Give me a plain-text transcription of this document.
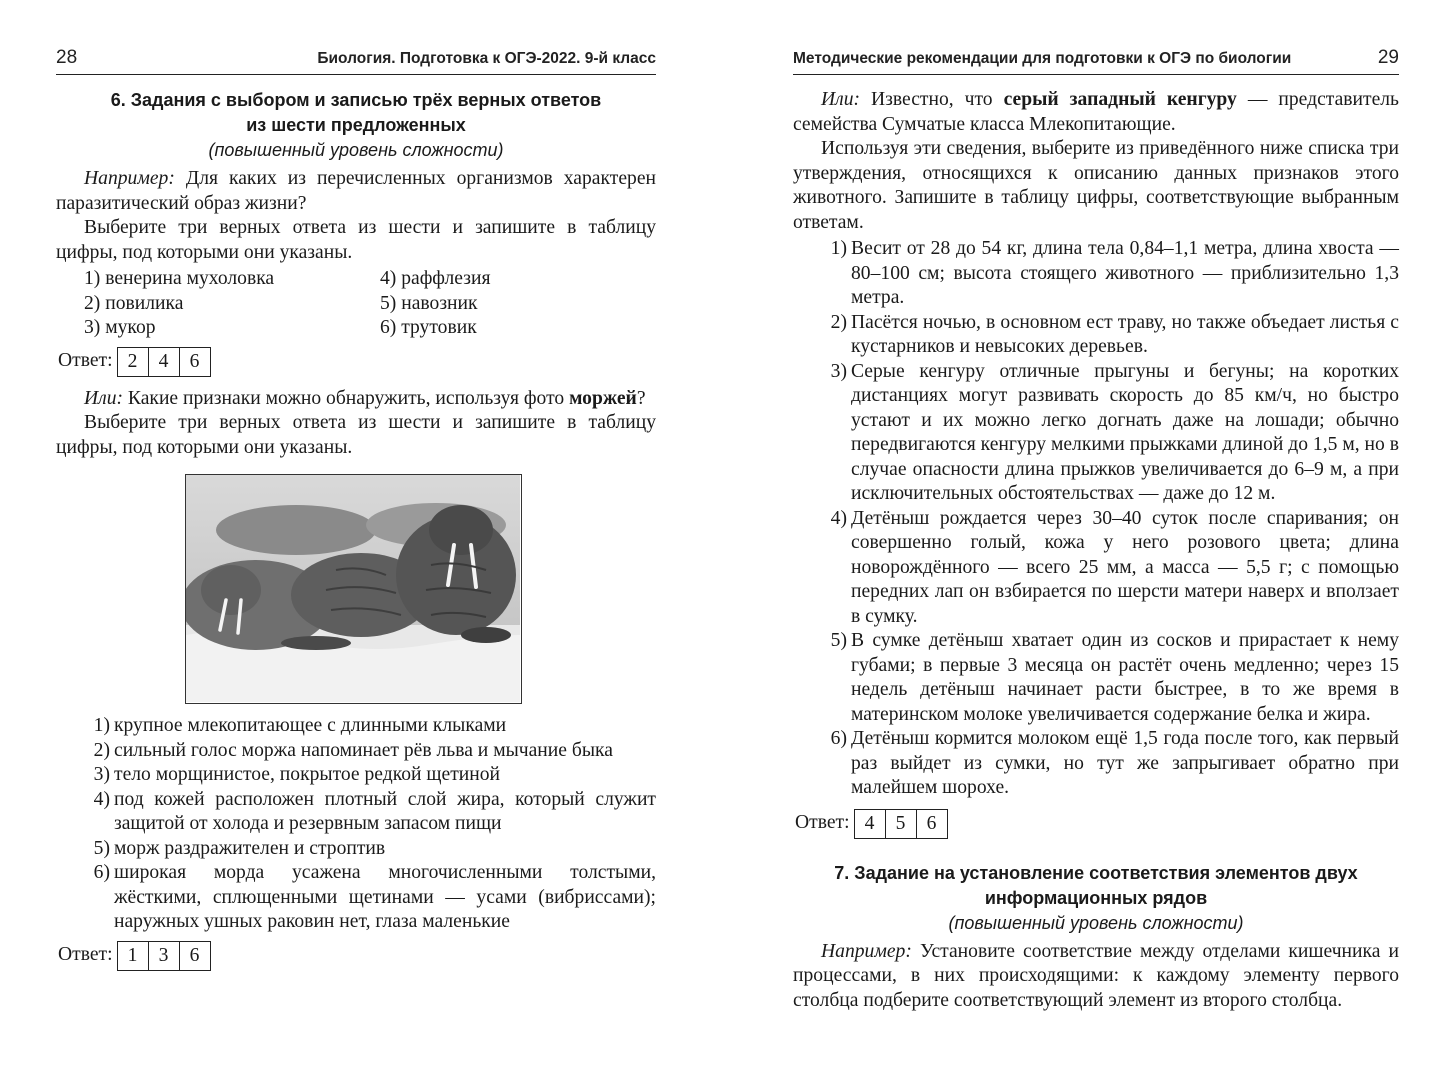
28	Биология. Подготовка к ОГЭ-2022. 9-й класс
6. Задания с выбором и записью трёх верных ответов
из шести предложенных
(повышенный уровень сложности)

Например: Для каких из перечисленных организмов характерен паразитический образ жизни?

Выберите три верных ответа из шести и запишите в таблицу цифры, под которыми они указаны.

1) венерина мухоловка	4) раффлезия
2) повилика	5) навозник
3) мукор	6) трутовик
Ответ: 2	4	6

Или: Какие признаки можно обнаружить, используя фото моржей?

Выберите три верных ответа из шести и запишите в таблицу цифры, под которыми они указаны.

1) крупное млекопитающее с длинными клыками
2) сильный голос моржа напоминает рёв льва и мычание быка
3) тело морщинистое, покрытое редкой щетиной
4) под кожей расположен плотный слой жира, который служит защитой от холода и резервным запасом пищи
5) морж раздражителен и строптив
6) широкая морда усажена многочисленными толстыми, жёсткими, сплющенными щетинами — усами (вибриссами); наружных ушных раковин нет, глаза маленькие
Ответ: 1	3	6
Методические рекомендации для подготовки к ОГЭ по биологии	29

Или: Известно, что серый западный кенгуру — представитель семейства Сумчатые класса Млекопитающие.

Используя эти сведения, выберите из приведённого ниже списка три утверждения, относящихся к описанию данных признаков этого животного. Запишите в таблицу цифры, соответствующие выбранным ответам.

1) Весит от 28 до 54 кг, длина тела 0,84–1,1 метра, длина хвоста — 80–100 см; высота стоящего животного — приблизительно 1,3 метра.
2) Пасётся ночью, в основном ест траву, но также объедает листья с кустарников и невысоких деревьев.
3) Серые кенгуру отличные прыгуны и бегуны; на коротких дистанциях могут развивать скорость до 85 км/ч, но быстро устают и их можно легко догнать даже на лошади; обычно передвигаются кенгуру мелкими прыжками длиной до 1,5 м, но в случае опасности длина прыжков увеличивается до 6–9 м, а при исключительных обстоятельствах — даже до 12 м.
4) Детёныш рождается через 30–40 суток после спаривания; он совершенно голый, кожа у него розового цвета; длина новорождённого — всего 25 мм, а масса — 5,5 г; с помощью передних лап он взбирается по шерсти матери наверх и вползает в сумку.
5) В сумке детёныш хватает один из сосков и прирастает к нему губами; в первые 3 месяца он растёт очень медленно; через 15 недель детёныш начинает расти быстрее, в то же время в материнском молоке увеличивается содержание белка и жира.
6) Детёныш кормится молоком ещё 1,5 года после того, как первый раз выйдет из сумки, но тут же запрыгивает обратно при малейшем шорохе.
Ответ: 4	5	6
7. Задание на установление соответствия элементов двух
информационных рядов
(повышенный уровень сложности)

Например: Установите соответствие между отделами кишечника и процессами, в них происходящими: к каждому элементу первого столбца подберите соответствующий элемент из второго столбца.
